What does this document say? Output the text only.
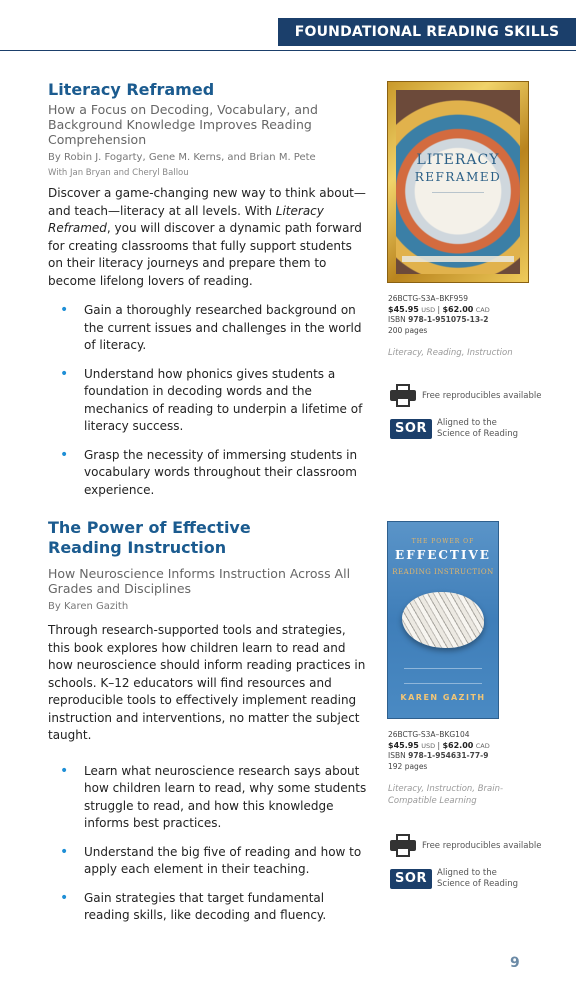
FOUNDATIONAL READING SKILLS
Literacy Reframed

How a Focus on Decoding, Vocabulary, and Background Knowledge Improves Reading Comprehension

By Robin J. Fogarty, Gene M. Kerns, and Brian M. Pete

With Jan Bryan and Cheryl Ballou

Discover a game-changing new way to think about—and teach—literacy at all levels. With Literacy Reframed, you will discover a dynamic path forward for creating classrooms that fully support students on their literacy journeys and prepare them to become lifelong lovers of reading.

• Gain a thoroughly researched background on the current issues and challenges in the world of literacy.
• Understand how phonics gives students a foundation in decoding words and the mechanics of reading to underpin a lifetime of literacy success.
• Grasp the necessity of immersing students in vocabulary words throughout their classroom experience.
LITERACY
REFRAMED
26BCTG-S3A–BKF959
$45.95 USD | $62.00 CAD
ISBN 978-1-951075-13-2
200 pages
Literacy, Reading, Instruction
Free reproducibles available
SOR	Aligned to the
Science of Reading
The Power of Effective
Reading Instruction

How Neuroscience Informs Instruction Across All Grades and Disciplines

By Karen Gazith

Through research-supported tools and strategies, this book explores how children learn to read and how neuroscience should inform reading practices in schools. K–12 educators will find resources and reproducible tools to effectively implement reading instruction and interventions, no matter the subject taught.

• Learn what neuroscience research says about how children learn to read, why some students struggle to read, and how this knowledge informs best practices.
• Understand the big five of reading and how to apply each element in their teaching.
• Gain strategies that target fundamental reading skills, like decoding and fluency.
THE POWER OF
EFFECTIVE
READING INSTRUCTION
KAREN GAZITH
26BCTG-S3A–BKG104
$45.95 USD | $62.00 CAD
ISBN 978-1-954631-77-9
192 pages
Literacy, Instruction, Brain-Compatible Learning
Free reproducibles available
SOR	Aligned to the
Science of Reading
9
